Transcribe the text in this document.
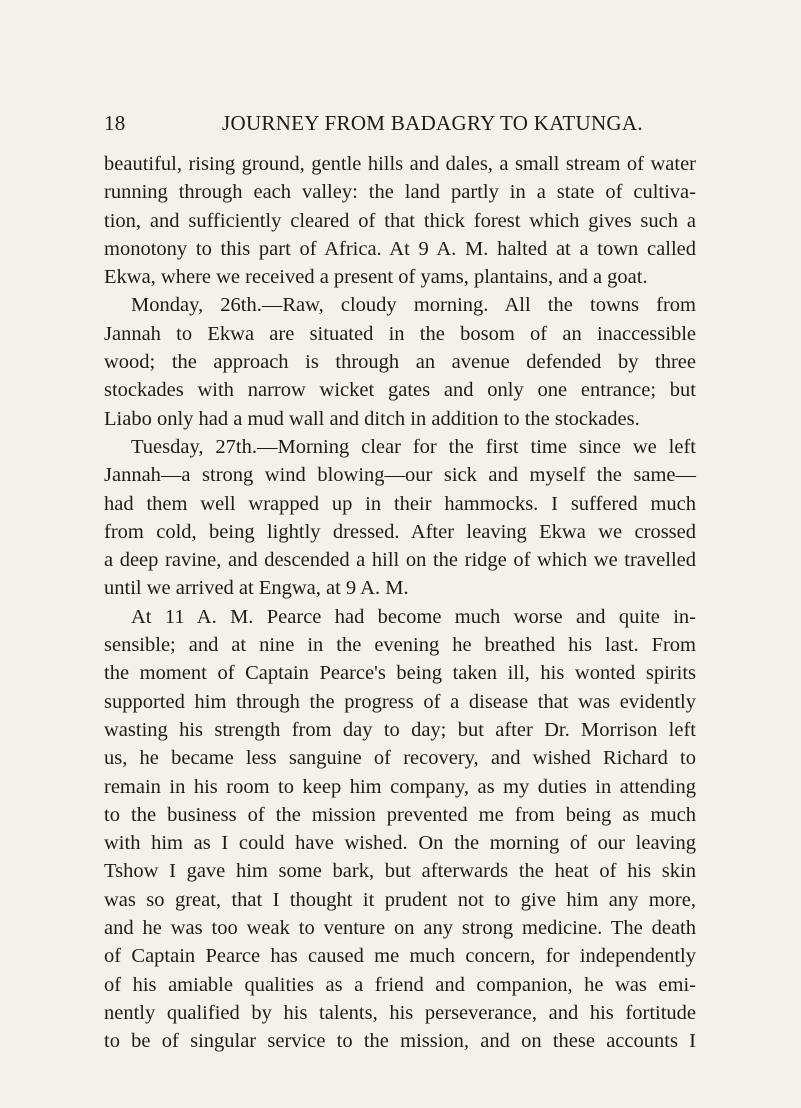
18	JOURNEY FROM BADAGRY TO KATUNGA.
beautiful, rising ground, gentle hills and dales, a small stream of water
running through each valley: the land partly in a state of cultiva-
tion, and sufficiently cleared of that thick forest which gives such a
monotony to this part of Africa. At 9 A. M. halted at a town called
Ekwa, where we received a present of yams, plantains, and a goat.
Monday, 26th.—Raw, cloudy morning. All the towns from
Jannah to Ekwa are situated in the bosom of an inaccessible
wood; the approach is through an avenue defended by three
stockades with narrow wicket gates and only one entrance; but
Liabo only had a mud wall and ditch in addition to the stockades.
Tuesday, 27th.—Morning clear for the first time since we left
Jannah—a strong wind blowing—our sick and myself the same—
had them well wrapped up in their hammocks. I suffered much
from cold, being lightly dressed. After leaving Ekwa we crossed
a deep ravine, and descended a hill on the ridge of which we travelled
until we arrived at Engwa, at 9 A. M.
At 11 A. M. Pearce had become much worse and quite in-
sensible; and at nine in the evening he breathed his last. From
the moment of Captain Pearce's being taken ill, his wonted spirits
supported him through the progress of a disease that was evidently
wasting his strength from day to day; but after Dr. Morrison left
us, he became less sanguine of recovery, and wished Richard to
remain in his room to keep him company, as my duties in attending
to the business of the mission prevented me from being as much
with him as I could have wished. On the morning of our leaving
Tshow I gave him some bark, but afterwards the heat of his skin
was so great, that I thought it prudent not to give him any more,
and he was too weak to venture on any strong medicine. The death
of Captain Pearce has caused me much concern, for independently
of his amiable qualities as a friend and companion, he was emi-
nently qualified by his talents, his perseverance, and his fortitude
to be of singular service to the mission, and on these accounts I
